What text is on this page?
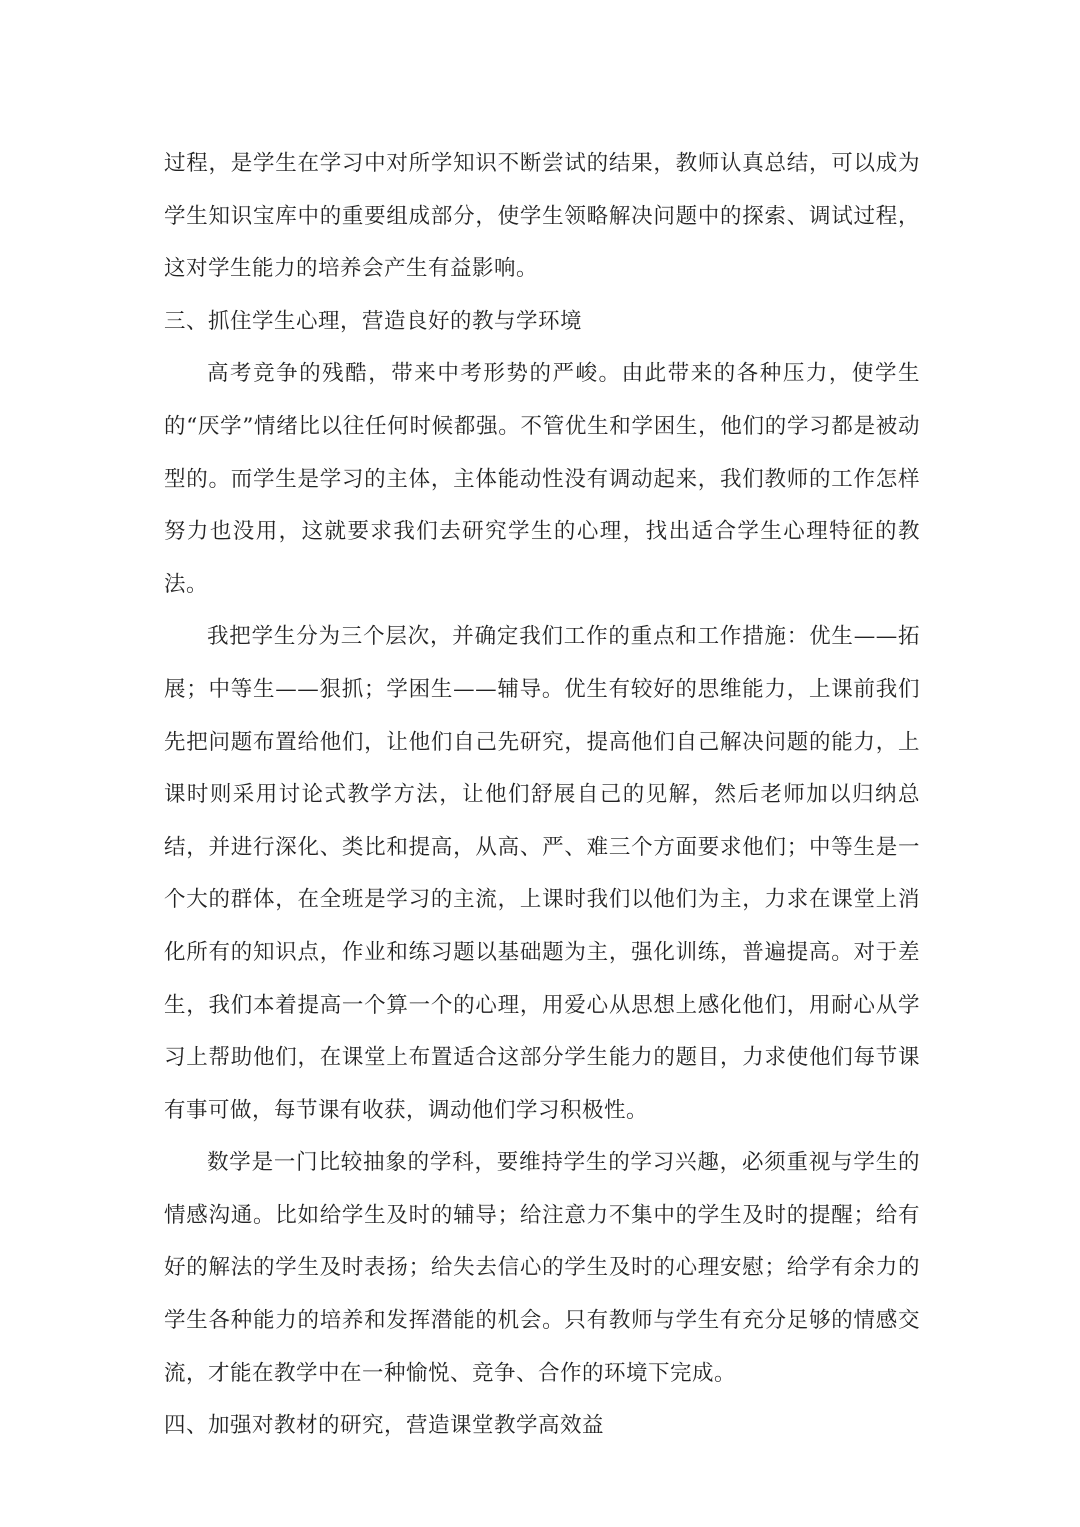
过程，是学生在学习中对所学知识不断尝试的结果，教师认真总结，可以成为学生知识宝库中的重要组成部分，使学生领略解决问题中的探索、调试过程，这对学生能力的培养会产生有益影响。

三、抓住学生心理，营造良好的教与学环境

高考竞争的残酷，带来中考形势的严峻。由此带来的各种压力，使学生的“厌学”情绪比以往任何时候都强。不管优生和学困生，他们的学习都是被动型的。而学生是学习的主体，主体能动性没有调动起来，我们教师的工作怎样努力也没用，这就要求我们去研究学生的心理，找出适合学生心理特征的教法。

我把学生分为三个层次，并确定我们工作的重点和工作措施：优生——拓展；中等生——狠抓；学困生——辅导。优生有较好的思维能力，上课前我们先把问题布置给他们，让他们自己先研究，提高他们自己解决问题的能力，上课时则采用讨论式教学方法，让他们舒展自己的见解，然后老师加以归纳总结，并进行深化、类比和提高，从高、严、难三个方面要求他们；中等生是一个大的群体，在全班是学习的主流，上课时我们以他们为主，力求在课堂上消化所有的知识点，作业和练习题以基础题为主，强化训练，普遍提高。对于差生，我们本着提高一个算一个的心理，用爱心从思想上感化他们，用耐心从学习上帮助他们，在课堂上布置适合这部分学生能力的题目，力求使他们每节课有事可做，每节课有收获，调动他们学习积极性。

数学是一门比较抽象的学科，要维持学生的学习兴趣，必须重视与学生的情感沟通。比如给学生及时的辅导；给注意力不集中的学生及时的提醒；给有好的解法的学生及时表扬；给失去信心的学生及时的心理安慰；给学有余力的学生各种能力的培养和发挥潜能的机会。只有教师与学生有充分足够的情感交流，才能在教学中在一种愉悦、竞争、合作的环境下完成。

四、加强对教材的研究，营造课堂教学高效益
